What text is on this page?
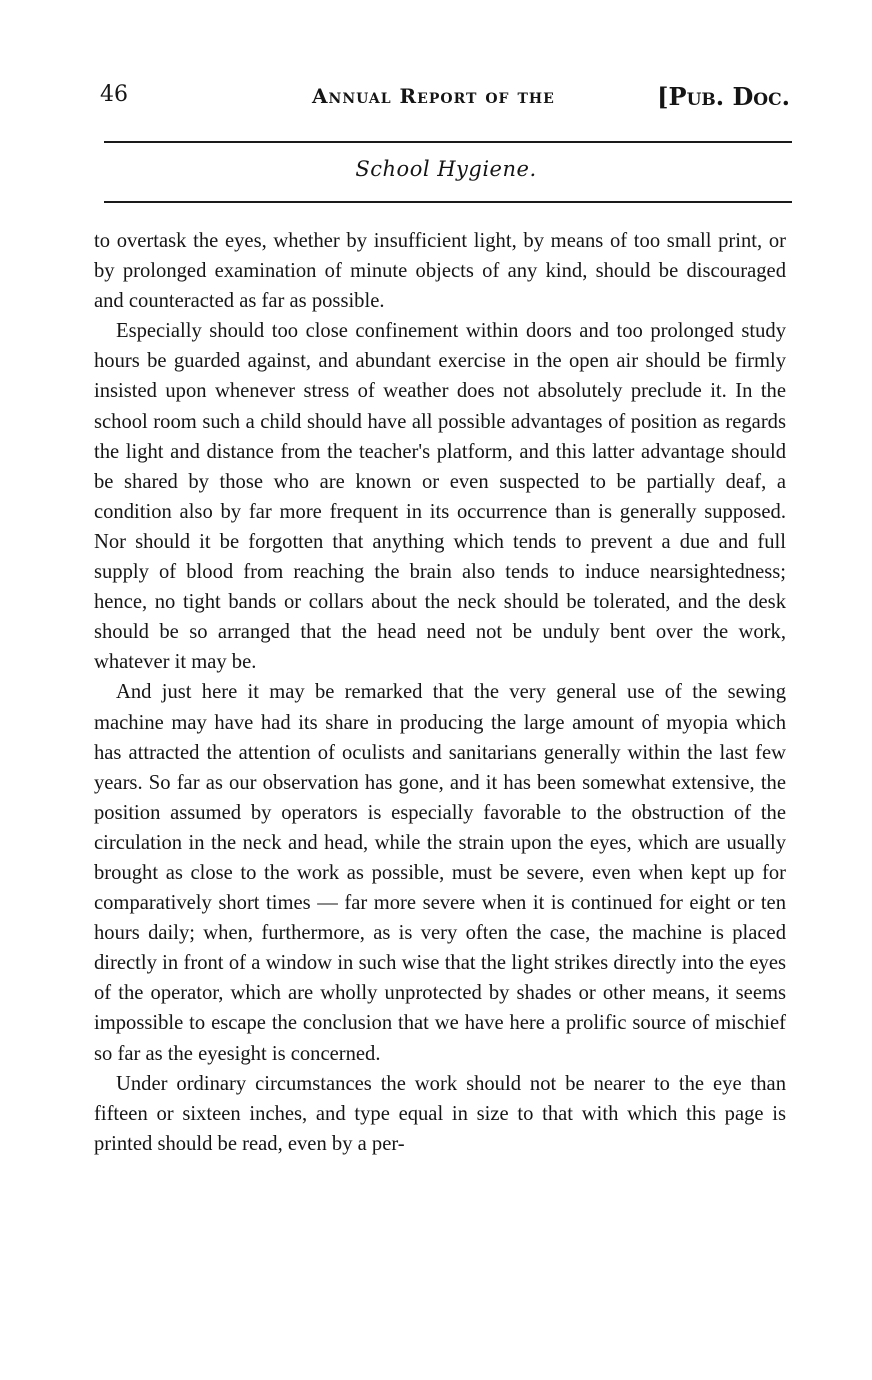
46	Annual Report of the	[Pub. Doc.
School Hygiene.

to overtask the eyes, whether by insufficient light, by means of too small print, or by prolonged examination of minute objects of any kind, should be discouraged and counteracted as far as possible.

Especially should too close confinement within doors and too prolonged study hours be guarded against, and abundant exercise in the open air should be firmly insisted upon whenever stress of weather does not absolutely preclude it. In the school room such a child should have all possible advantages of position as regards the light and distance from the teacher's platform, and this latter advantage should be shared by those who are known or even suspected to be partially deaf, a condition also by far more frequent in its occurrence than is generally supposed. Nor should it be forgotten that anything which tends to prevent a due and full supply of blood from reaching the brain also tends to induce nearsightedness; hence, no tight bands or collars about the neck should be tolerated, and the desk should be so arranged that the head need not be unduly bent over the work, whatever it may be.

And just here it may be remarked that the very general use of the sewing machine may have had its share in producing the large amount of myopia which has attracted the attention of oculists and sanitarians generally within the last few years. So far as our observation has gone, and it has been somewhat extensive, the position assumed by operators is especially favorable to the obstruction of the circulation in the neck and head, while the strain upon the eyes, which are usually brought as close to the work as possible, must be severe, even when kept up for comparatively short times — far more severe when it is continued for eight or ten hours daily; when, furthermore, as is very often the case, the machine is placed directly in front of a window in such wise that the light strikes directly into the eyes of the operator, which are wholly unprotected by shades or other means, it seems impossible to escape the conclusion that we have here a prolific source of mischief so far as the eyesight is concerned.

Under ordinary circumstances the work should not be nearer to the eye than fifteen or sixteen inches, and type equal in size to that with which this page is printed should be read, even by a per-
